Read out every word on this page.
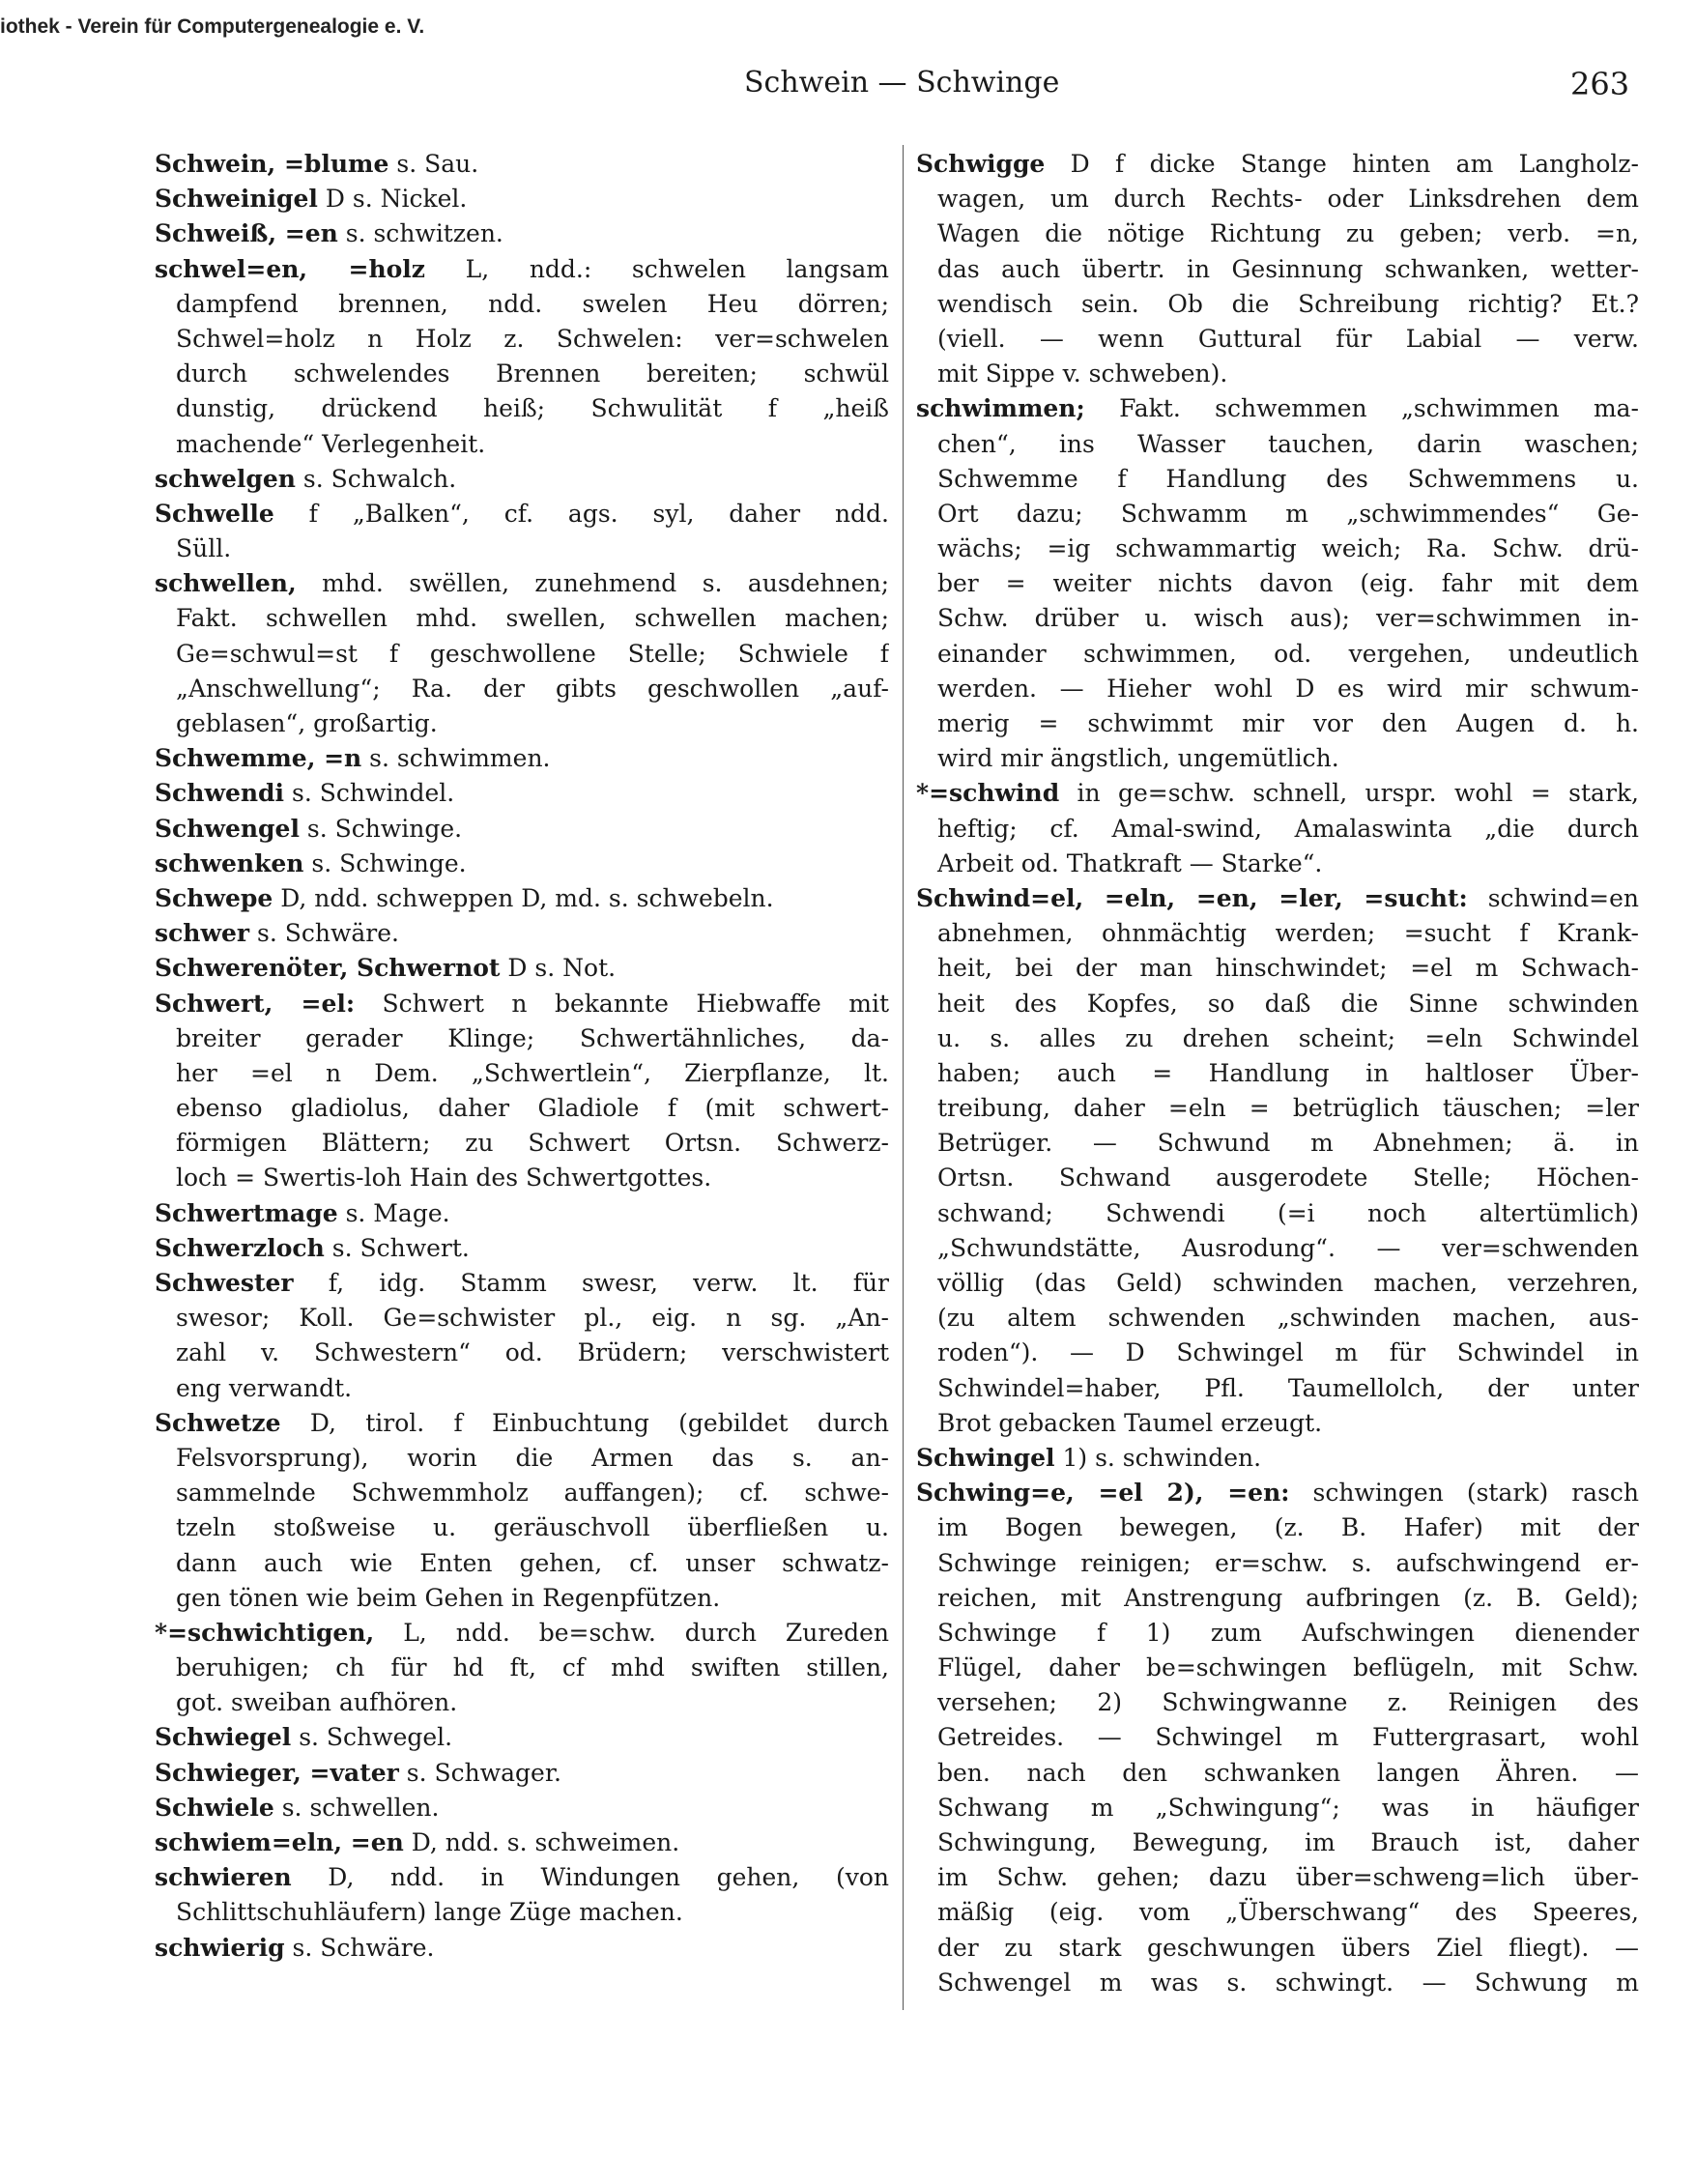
iothek - Verein für Computergenealogie e. V.
Schwein — Schwinge	263
Schwein, =blume s. Sau.
Schweinigel D s. Nickel.
Schweiß, =en s. schwitzen.
schwel=en, =holz L, ndd.: schwelen langsam
dampfend brennen, ndd. swelen Heu dörren;
Schwel=holz n Holz z. Schwelen: ver=schwelen
durch schwelendes Brennen bereiten; schwül
dunstig, drückend heiß; Schwulität f „heiß
machende“ Verlegenheit.
schwelgen s. Schwalch.
Schwelle f „Balken“, cf. ags. syl, daher ndd.
Süll.
schwellen, mhd. swëllen, zunehmend s. ausdehnen;
Fakt. schwellen mhd. swellen, schwellen machen;
Ge=schwul=st f geschwollene Stelle; Schwiele f
„Anschwellung“; Ra. der gibts geschwollen „auf-
geblasen“, großartig.
Schwemme, =n s. schwimmen.
Schwendi s. Schwindel.
Schwengel s. Schwinge.
schwenken s. Schwinge.
Schwepe D, ndd. schweppen D, md. s. schwebeln.
schwer s. Schwäre.
Schwerenöter, Schwernot D s. Not.
Schwert, =el: Schwert n bekannte Hiebwaffe mit
breiter gerader Klinge; Schwertähnliches, da-
her =el n Dem. „Schwertlein“, Zierpflanze, lt.
ebenso gladiolus, daher Gladiole f (mit schwert-
förmigen Blättern; zu Schwert Ortsn. Schwerz-
loch = Swertis-loh Hain des Schwertgottes.
Schwertmage s. Mage.
Schwerzloch s. Schwert.
Schwester f, idg. Stamm swesr, verw. lt. für
swesor; Koll. Ge=schwister pl., eig. n sg. „An-
zahl v. Schwestern“ od. Brüdern; verschwistert
eng verwandt.
Schwetze D, tirol. f Einbuchtung (gebildet durch
Felsvorsprung), worin die Armen das s. an-
sammelnde Schwemmholz auffangen); cf. schwe-
tzeln stoßweise u. geräuschvoll überfließen u.
dann auch wie Enten gehen, cf. unser schwatz-
gen tönen wie beim Gehen in Regenpfützen.
*=schwichtigen, L, ndd. be=schw. durch Zureden
beruhigen; ch für hd ft, cf mhd swiften stillen,
got. sweiban aufhören.
Schwiegel s. Schwegel.
Schwieger, =vater s. Schwager.
Schwiele s. schwellen.
schwiem=eln, =en D, ndd. s. schweimen.
schwieren D, ndd. in Windungen gehen, (von
Schlittschuhläufern) lange Züge machen.
schwierig s. Schwäre.
Schwigge D f dicke Stange hinten am Langholz-
wagen, um durch Rechts- oder Linksdrehen dem
Wagen die nötige Richtung zu geben; verb. =n,
das auch übertr. in Gesinnung schwanken, wetter-
wendisch sein. Ob die Schreibung richtig? Et.?
(viell. — wenn Guttural für Labial — verw.
mit Sippe v. schweben).
schwimmen; Fakt. schwemmen „schwimmen ma-
chen“, ins Wasser tauchen, darin waschen;
Schwemme f Handlung des Schwemmens u.
Ort dazu; Schwamm m „schwimmendes“ Ge-
wächs; =ig schwammartig weich; Ra. Schw. drü-
ber = weiter nichts davon (eig. fahr mit dem
Schw. drüber u. wisch aus); ver=schwimmen in-
einander schwimmen, od. vergehen, undeutlich
werden. — Hieher wohl D es wird mir schwum-
merig = schwimmt mir vor den Augen d. h.
wird mir ängstlich, ungemütlich.
*=schwind in ge=schw. schnell, urspr. wohl = stark,
heftig; cf. Amal-swind, Amalaswinta „die durch
Arbeit od. Thatkraft — Starke“.
Schwind=el, =eln, =en, =ler, =sucht: schwind=en
abnehmen, ohnmächtig werden; =sucht f Krank-
heit, bei der man hinschwindet; =el m Schwach-
heit des Kopfes, so daß die Sinne schwinden
u. s. alles zu drehen scheint; =eln Schwindel
haben; auch = Handlung in haltloser Über-
treibung, daher =eln = betrüglich täuschen; =ler
Betrüger. — Schwund m Abnehmen; ä. in
Ortsn. Schwand ausgerodete Stelle; Höchen-
schwand; Schwendi (=i noch altertümlich)
„Schwundstätte, Ausrodung“. — ver=schwenden
völlig (das Geld) schwinden machen, verzehren,
(zu altem schwenden „schwinden machen, aus-
roden“). — D Schwingel m für Schwindel in
Schwindel=haber, Pfl. Taumellolch, der unter
Brot gebacken Taumel erzeugt.
Schwingel 1) s. schwinden.
Schwing=e, =el 2), =en: schwingen (stark) rasch
im Bogen bewegen, (z. B. Hafer) mit der
Schwinge reinigen; er=schw. s. aufschwingend er-
reichen, mit Anstrengung aufbringen (z. B. Geld);
Schwinge f 1) zum Aufschwingen dienender
Flügel, daher be=schwingen beflügeln, mit Schw.
versehen; 2) Schwingwanne z. Reinigen des
Getreides. — Schwingel m Futtergrasart, wohl
ben. nach den schwanken langen Ähren. —
Schwang m „Schwingung“; was in häufiger
Schwingung, Bewegung, im Brauch ist, daher
im Schw. gehen; dazu über=schweng=lich über-
mäßig (eig. vom „Überschwang“ des Speeres,
der zu stark geschwungen übers Ziel fliegt). —
Schwengel m was s. schwingt. — Schwung m
